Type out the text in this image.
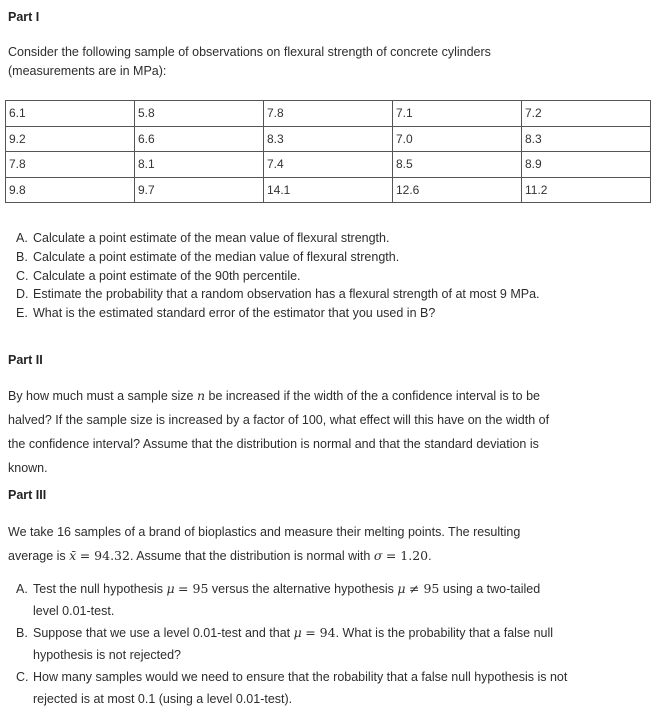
Part I
Consider the following sample of observations on flexural strength of concrete cylinders
(measurements are in MPa):
6.1	5.8	7.8	7.1	7.2
9.2	6.6	8.3	7.0	8.3
7.8	8.1	7.4	8.5	8.9
9.8	9.7	14.1	12.6	11.2
A. Calculate a point estimate of the mean value of flexural strength.
B. Calculate a point estimate of the median value of flexural strength.
C. Calculate a point estimate of the 90th percentile.
D. Estimate the probability that a random observation has a flexural strength of at most 9 MPa.
E. What is the estimated standard error of the estimator that you used in B?
Part II
By how much must a sample size n be increased if the width of the a confidence interval is to be
halved? If the sample size is increased by a factor of 100, what effect will this have on the width of
the confidence interval? Assume that the distribution is normal and that the standard deviation is
known.
Part III
We take 16 samples of a brand of bioplastics and measure their melting points. The resulting
average is x̄ = 94.32. Assume that the distribution is normal with σ = 1.20.
A. Test the null hypothesis μ = 95 versus the alternative hypothesis μ ≠ 95 using a two-tailed
level 0.01-test.
B. Suppose that we use a level 0.01-test and that μ = 94. What is the probability that a false null
hypothesis is not rejected?
C. How many samples would we need to ensure that the robability that a false null hypothesis is not
rejected is at most 0.1 (using a level 0.01-test).
